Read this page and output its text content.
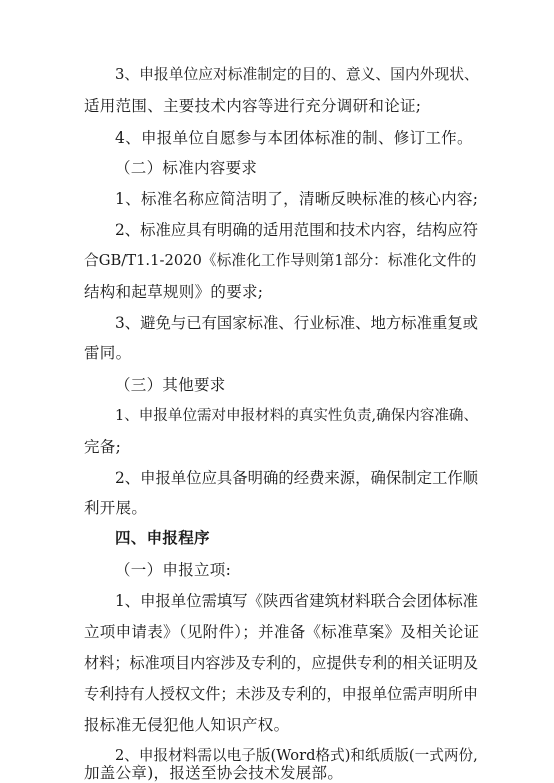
3、申报单位应对标准制定的目的、意义、国内外现状、
适用范围、主要技术内容等进行充分调研和论证;
4、申报单位自愿参与本团体标准的制、修订工作。
（二）标准内容要求
1、标准名称应简洁明了，清晰反映标准的核心内容;
2、标准应具有明确的适用范围和技术内容，结构应符
合GB/T1.1-2020《标准化工作导则第1部分：标准化文件的
结构和起草规则》的要求;
3、避免与已有国家标准、行业标准、地方标准重复或
雷同。
（三）其他要求
1、申报单位需对申报材料的真实性负责,确保内容准确、
完备;
2、申报单位应具备明确的经费来源，确保制定工作顺
利开展。
四、申报程序
（一）申报立项:
1、申报单位需填写《陕西省建筑材料联合会团体标准
立项申请表》（见附件）；并准备《标准草案》及相关论证
材料；标准项目内容涉及专利的，应提供专利的相关证明及
专利持有人授权文件；未涉及专利的，申报单位需声明所申
报标准无侵犯他人知识产权。
2、申报材料需以电子版(Word格式)和纸质版(一式两份,
加盖公章)，报送至协会技术发展部。
